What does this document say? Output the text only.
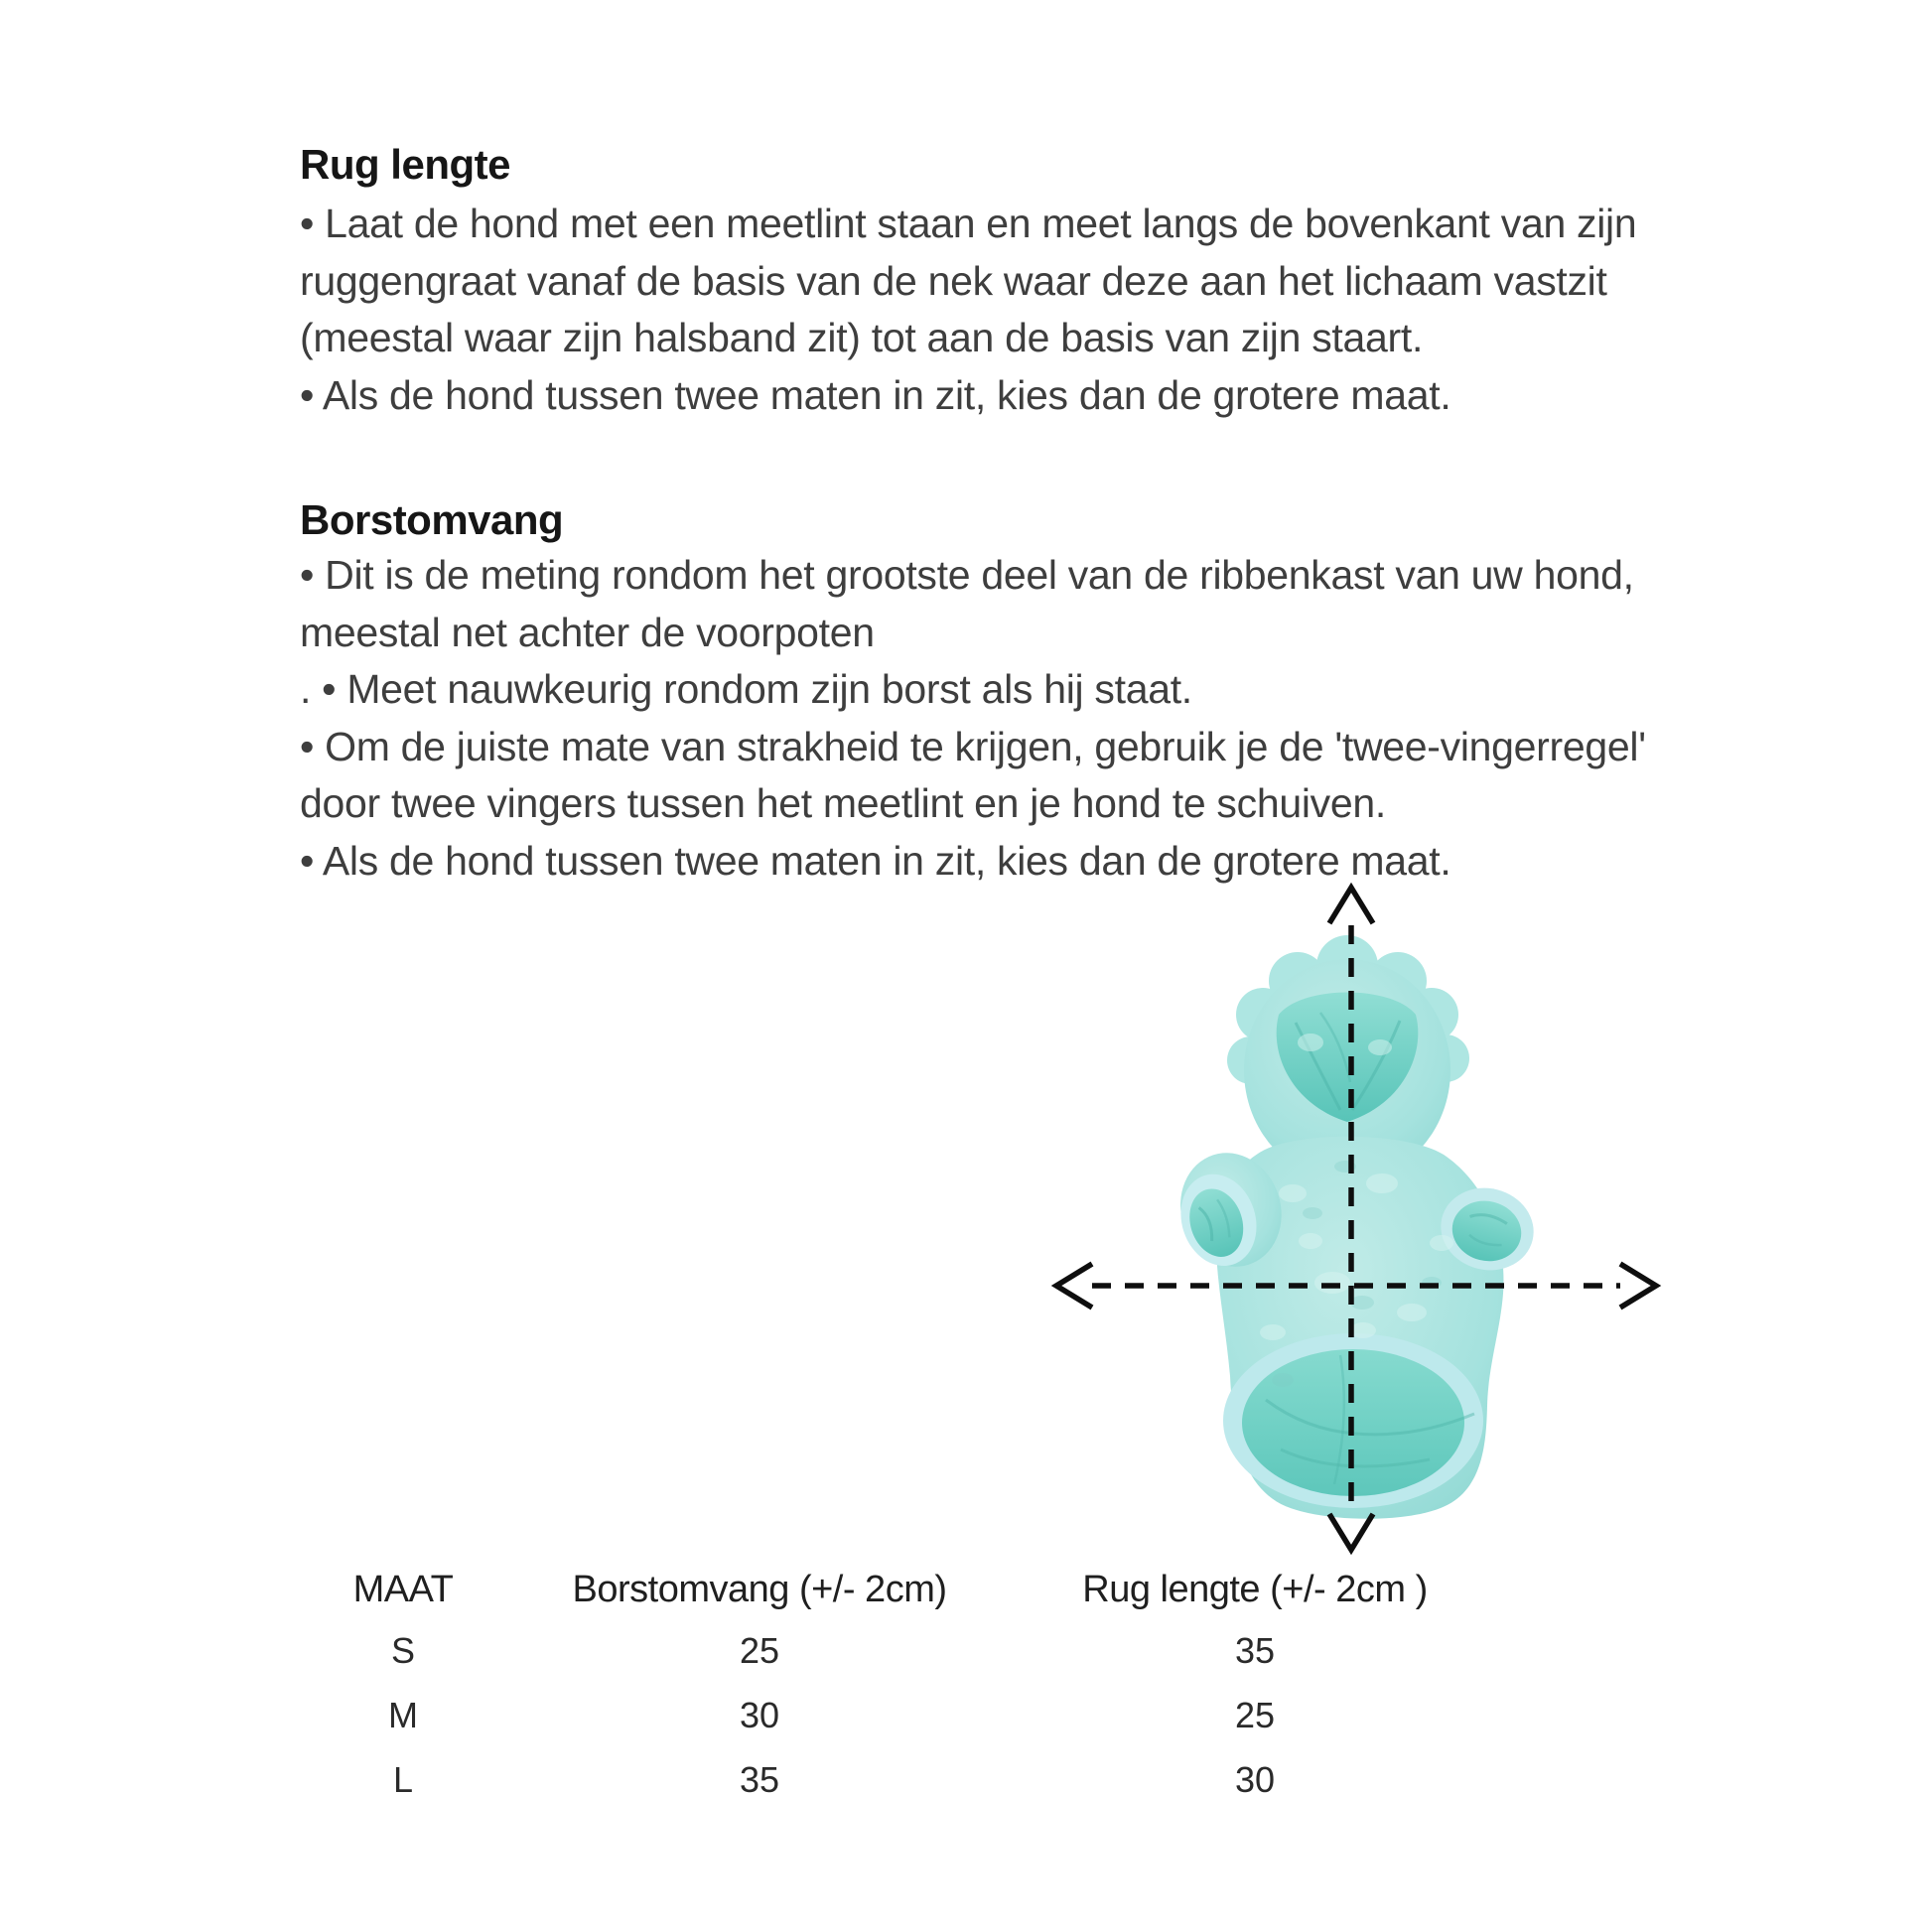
Rug lengte
• Laat de hond met een meetlint staan en meet langs de bovenkant van zijn
ruggengraat vanaf de basis van de nek waar deze aan het lichaam vastzit
(meestal waar zijn halsband zit) tot aan de basis van zijn staart.
• Als de hond tussen twee maten in zit, kies dan de grotere maat.
Borstomvang
• Dit is de meting rondom het grootste deel van de ribbenkast van uw hond,
meestal net achter de voorpoten
. • Meet nauwkeurig rondom zijn borst als hij staat.
• Om de juiste mate van strakheid te krijgen, gebruik je de 'twee-vingerregel'
door twee vingers tussen het meetlint en je hond te schuiven.
• Als de hond tussen twee maten in zit, kies dan de grotere maat.
MAAT	Borstomvang (+/- 2cm)	Rug lengte (+/- 2cm )
S	25	35
M	30	25
L	35	30
